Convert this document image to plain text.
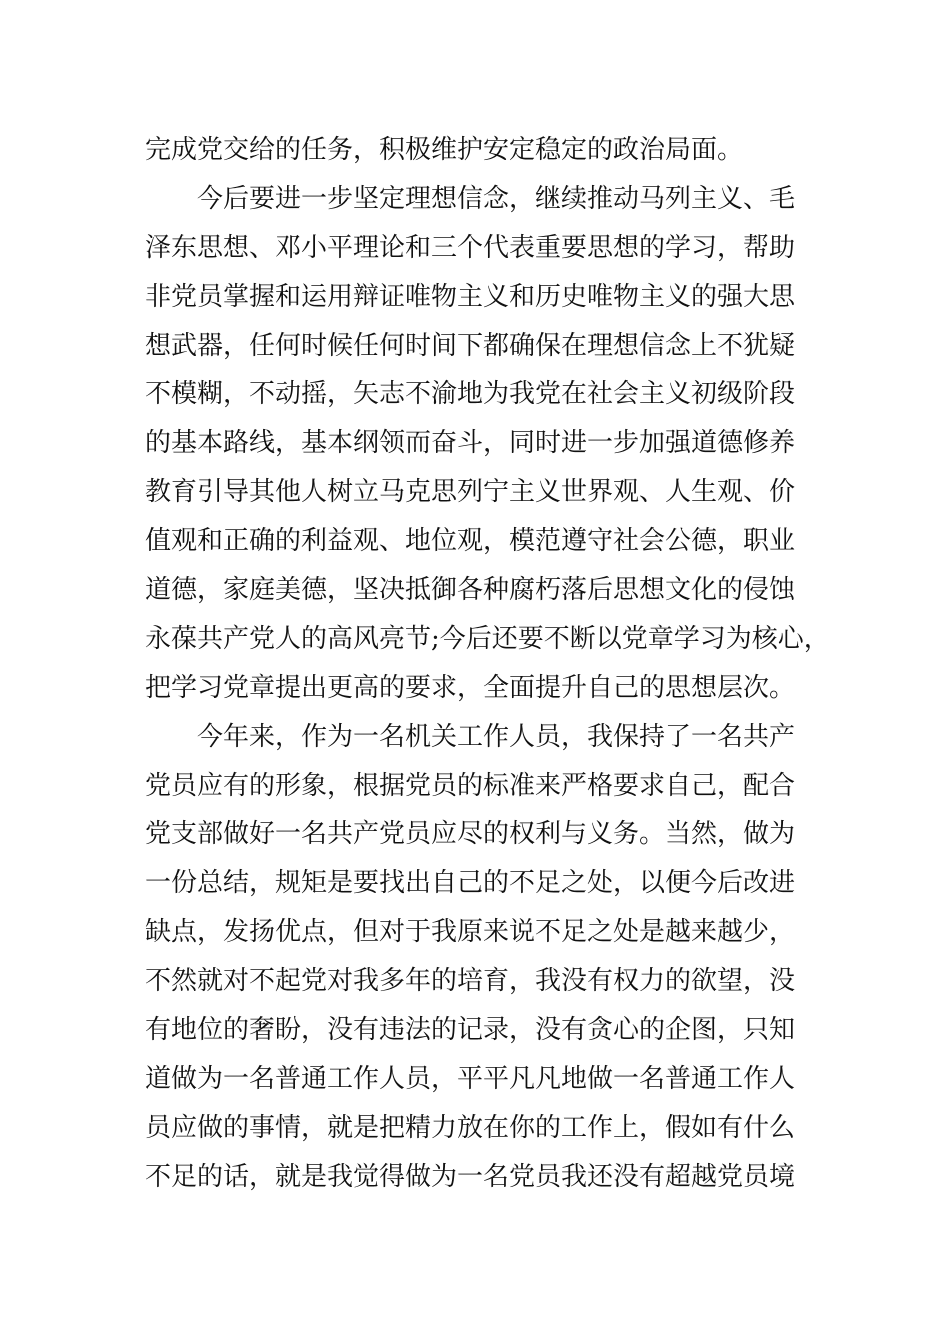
完成党交给的任务，积极维护安定稳定的政治局面。
今后要进一步坚定理想信念，继续推动马列主义、毛
泽东思想、邓小平理论和三个代表重要思想的学习，帮助
非党员掌握和运用辩证唯物主义和历史唯物主义的强大思
想武器，任何时候任何时间下都确保在理想信念上不犹疑
不模糊，不动摇，矢志不渝地为我党在社会主义初级阶段
的基本路线，基本纲领而奋斗，同时进一步加强道德修养
教育引导其他人树立马克思列宁主义世界观、人生观、价
值观和正确的利益观、地位观，模范遵守社会公德，职业
道德，家庭美德，坚决抵御各种腐朽落后思想文化的侵蚀
永葆共产党人的高风亮节;今后还要不断以党章学习为核心，
把学习党章提出更高的要求，全面提升自己的思想层次。
今年来，作为一名机关工作人员，我保持了一名共产
党员应有的形象，根据党员的标准来严格要求自己，配合
党支部做好一名共产党员应尽的权利与义务。当然，做为
一份总结，规矩是要找出自己的不足之处，以便今后改进
缺点，发扬优点，但对于我原来说不足之处是越来越少，
不然就对不起党对我多年的培育，我没有权力的欲望，没
有地位的奢盼，没有违法的记录，没有贪心的企图，只知
道做为一名普通工作人员，平平凡凡地做一名普通工作人
员应做的事情，就是把精力放在你的工作上，假如有什么
不足的话，就是我觉得做为一名党员我还没有超越党员境
